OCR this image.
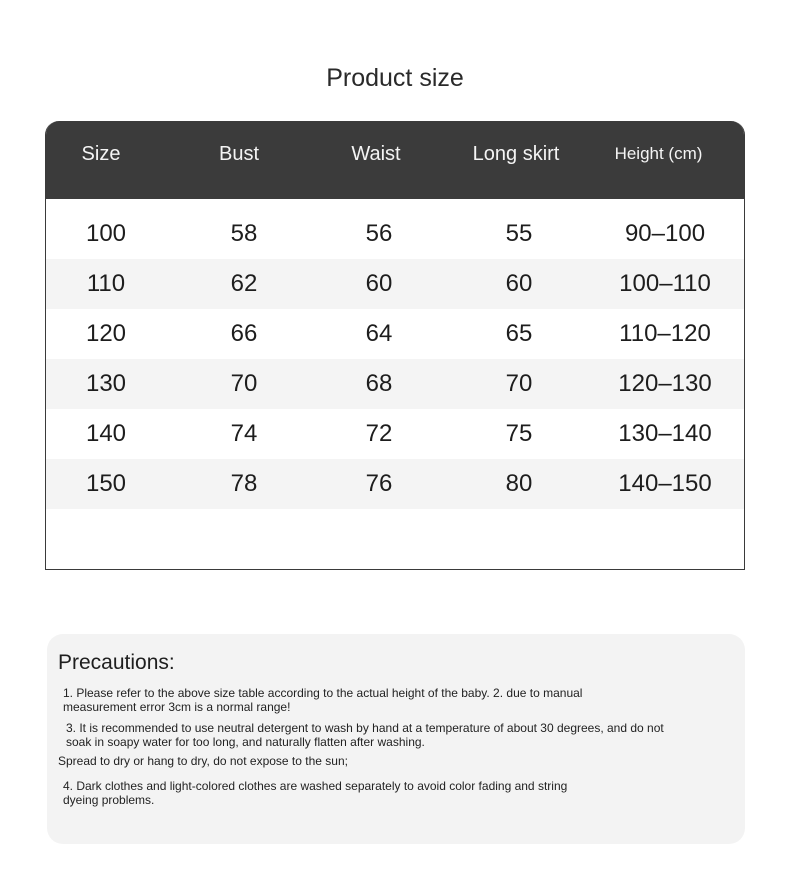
Product size
Size	Bust	Waist	Long skirt	Height (cm)
100	58	56	55	90–100
110	62	60	60	100–110
120	66	64	65	110–120
130	70	68	70	120–130
140	74	72	75	130–140
150	78	76	80	140–150
Precautions:
1. Please refer to the above size table according to the actual height of the baby. 2. due to manual
measurement error 3cm is a normal range!
3. It is recommended to use neutral detergent to wash by hand at a temperature of about 30 degrees, and do not
soak in soapy water for too long, and naturally flatten after washing.
Spread to dry or hang to dry, do not expose to the sun;
4. Dark clothes and light-colored clothes are washed separately to avoid color fading and string
dyeing problems.
